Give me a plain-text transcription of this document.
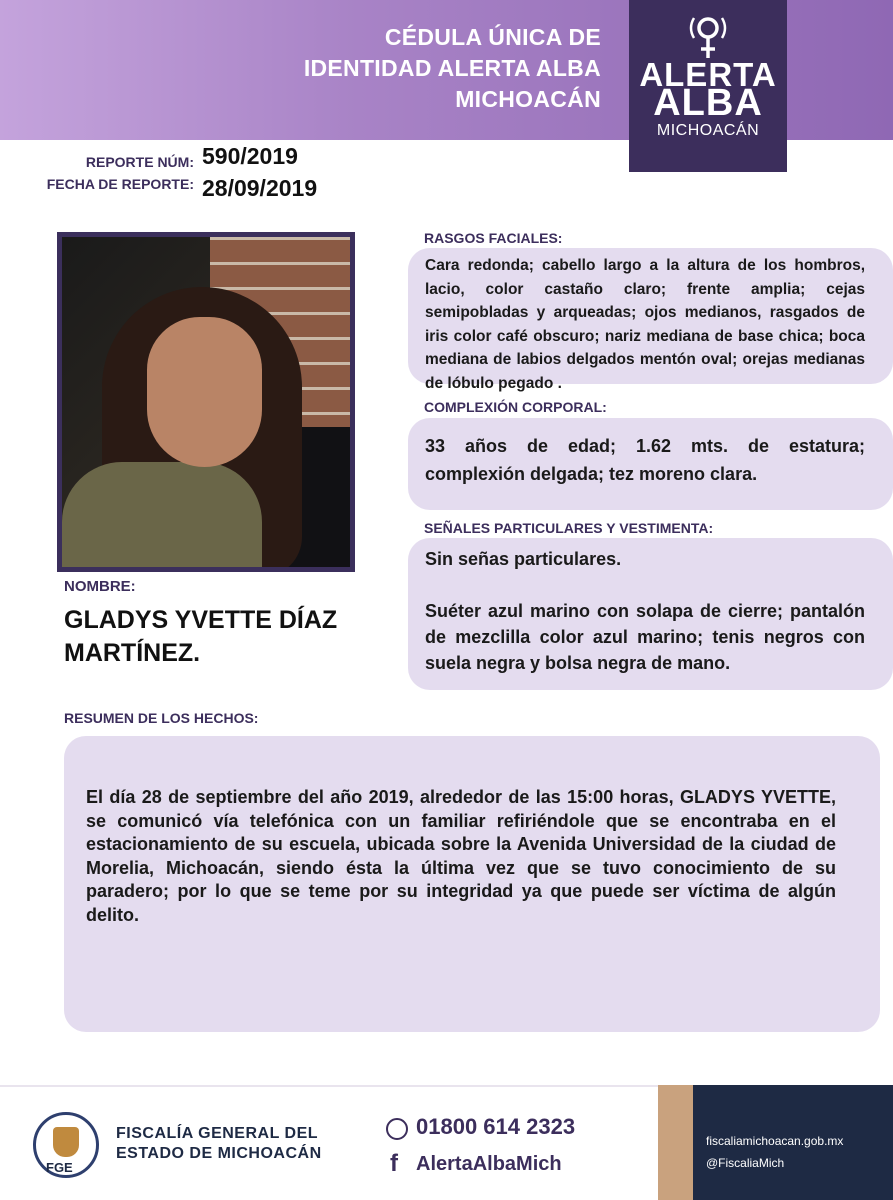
CÉDULA ÚNICA DE
IDENTIDAD ALERTA ALBA
MICHOACÁN
ALERTA
ALBA
MICHOACÁN
REPORTE NÚM: 590/2019
FECHA DE REPORTE: 28/09/2019
NOMBRE:
GLADYS YVETTE DÍAZ MARTÍNEZ.
RASGOS FACIALES:

Cara redonda; cabello largo a la altura de los hombros, lacio, color castaño claro; frente amplia; cejas semipobladas y arqueadas; ojos medianos, rasgados de iris color café obscuro; nariz mediana de base chica; boca mediana de labios delgados mentón oval; orejas medianas de lóbulo pegado .

COMPLEXIÓN CORPORAL:

33 años de edad; 1.62 mts. de estatura; complexión delgada; tez moreno clara.

SEÑALES PARTICULARES Y VESTIMENTA:

Sin señas particulares.

Suéter azul marino con solapa de cierre; pantalón de mezclilla color azul marino; tenis negros con suela negra y bolsa negra de mano.

RESUMEN DE LOS HECHOS:

El día 28 de septiembre del año 2019, alrededor de las 15:00 horas, GLADYS YVETTE, se comunicó vía telefónica con un familiar refiriéndole que se encontraba en el estacionamiento de su escuela, ubicada sobre la Avenida Universidad de la ciudad de Morelia, Michoacán, siendo ésta la última vez que se tuvo conocimiento de su paradero; por lo que se teme por su integridad ya que puede ser víctima de algún delito.

FGE
FISCALÍA GENERAL DEL
ESTADO DE MICHOACÁN
01800 614 2323
f AlertaAlbaMich
fiscaliamichoacan.gob.mx
@FiscaliaMich
